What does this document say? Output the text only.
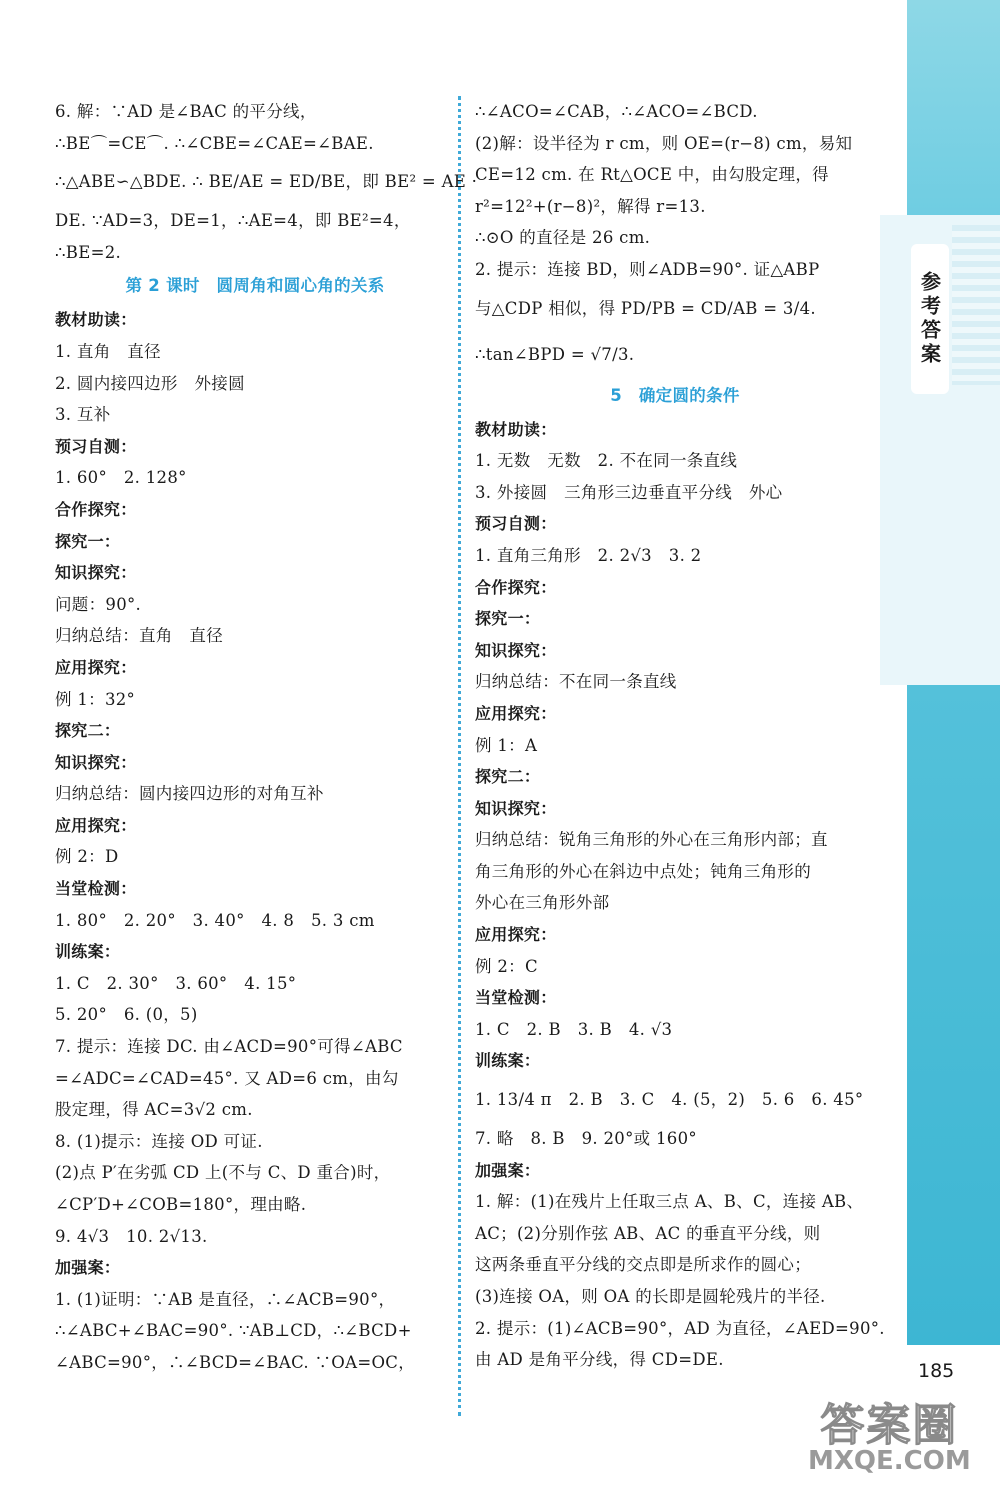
参考答案
6. 解：∵AD 是∠BAC 的平分线，
∴BE⌒=CE⌒. ∴∠CBE=∠CAE=∠BAE.
∴△ABE∽△BDE. ∴ BE/AE = ED/BE，即 BE² = AE ·
DE. ∵AD=3，DE=1，∴AE=4，即 BE²=4，
∴BE=2.
第 2 课时　圆周角和圆心角的关系
教材助读：
1. 直角　直径
2. 圆内接四边形　外接圆
3. 互补
预习自测：
1. 60°　2. 128°
合作探究：
探究一：
知识探究：
问题：90°.
归纳总结：直角　直径
应用探究：
例 1：32°
探究二：
知识探究：
归纳总结：圆内接四边形的对角互补
应用探究：
例 2：D
当堂检测：
1. 80°　2. 20°　3. 40°　4. 8　5. 3 cm
训练案：
1. C　2. 30°　3. 60°　4. 15°
5. 20°　6. (0，5)
7. 提示：连接 DC. 由∠ACD=90°可得∠ABC
=∠ADC=∠CAD=45°. 又 AD=6 cm，由勾
股定理，得 AC=3√2 cm.
8. (1)提示：连接 OD 可证.
(2)点 P′在劣弧 CD 上(不与 C、D 重合)时，
∠CP′D+∠COB=180°，理由略.
9. 4√3　10. 2√13.
加强案：
1. (1)证明：∵AB 是直径，∴∠ACB=90°，
∴∠ABC+∠BAC=90°. ∵AB⊥CD，∴∠BCD+
∠ABC=90°，∴∠BCD=∠BAC. ∵OA=OC，
∴∠ACO=∠CAB，∴∠ACO=∠BCD.
(2)解：设半径为 r cm，则 OE=(r−8) cm，易知
CE=12 cm. 在 Rt△OCE 中，由勾股定理，得
r²=12²+(r−8)²，解得 r=13.
∴⊙O 的直径是 26 cm.
2. 提示：连接 BD，则∠ADB=90°. 证△ABP
与△CDP 相似，得 PD/PB = CD/AB = 3/4.
∴tan∠BPD = √7/3.
5　确定圆的条件
教材助读：
1. 无数　无数　2. 不在同一条直线
3. 外接圆　三角形三边垂直平分线　外心
预习自测：
1. 直角三角形　2. 2√3　3. 2
合作探究：
探究一：
知识探究：
归纳总结：不在同一条直线
应用探究：
例 1：A
探究二：
知识探究：
归纳总结：锐角三角形的外心在三角形内部；直
角三角形的外心在斜边中点处；钝角三角形的
外心在三角形外部
应用探究：
例 2：C
当堂检测：
1. C　2. B　3. B　4. √3
训练案：
1. 13/4 π　2. B　3. C　4. (5，2)　5. 6　6. 45°
7. 略　8. B　9. 20°或 160°
加强案：
1. 解：(1)在残片上任取三点 A、B、C，连接 AB、
AC；(2)分别作弦 AB、AC 的垂直平分线，则
这两条垂直平分线的交点即是所求作的圆心；
(3)连接 OA，则 OA 的长即是圆轮残片的半径.
2. 提示：(1)∠ACB=90°，AD 为直径，∠AED=90°.
由 AD 是角平分线，得 CD=DE.
185
答案圈
MXQE.COM
